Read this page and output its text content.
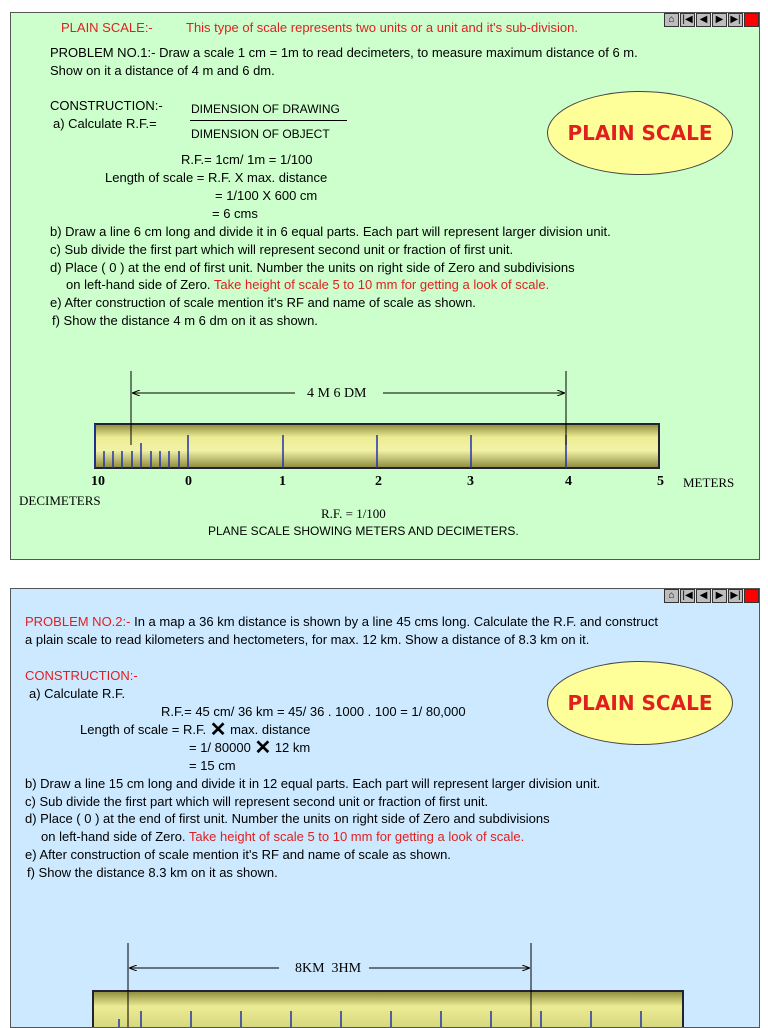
⌂ |◀ ◀ ▶ ▶|
PLAIN SCALE:-	This type of scale represents two units or a unit and it's sub-division.
PROBLEM NO.1:- Draw a scale 1 cm = 1m to read decimeters, to measure maximum distance of 6 m.
Show on it a distance of 4 m and 6 dm.
CONSTRUCTION:-
a) Calculate R.F.=
DIMENSION OF DRAWING
DIMENSION OF OBJECT	PLAIN SCALE
R.F.= 1cm/ 1m = 1/100
Length of scale = R.F. X max. distance
= 1/100 X 600 cm
= 6 cms
b) Draw a line 6 cm long and divide it in 6 equal parts. Each part will represent larger division unit.
c) Sub divide the first part which will represent second unit or fraction of first unit.
d) Place ( 0 ) at the end of first unit. Number the units on right side of Zero and subdivisions
on left-hand side of Zero. Take height of scale 5 to 10 mm for getting a look of scale.
e) After construction of scale mention it's RF and name of scale as shown.
f) Show the distance 4 m 6 dm on it as shown.
4 M 6 DM
10	0	1	2	3	4	5 METERS
DECIMETERS
R.F. = 1/100
PLANE SCALE SHOWING METERS AND DECIMETERS.
⌂ |◀ ◀ ▶ ▶|
PROBLEM NO.2:- In a map a 36 km distance is shown by a line 45 cms long. Calculate the R.F. and construct
a plain scale to read kilometers and hectometers, for max. 12 km. Show a distance of 8.3 km on it.
CONSTRUCTION:-
a) Calculate R.F.
R.F.= 45 cm/ 36 km = 45/ 36 . 1000 . 100 = 1/ 80,000
Length of scale = R.F. ✕ max. distance
= 1/ 80000 ✕ 12 km
= 15 cm
PLAIN SCALE
b) Draw a line 15 cm long and divide it in 12 equal parts. Each part will represent larger division unit.
c) Sub divide the first part which will represent second unit or fraction of first unit.
d) Place ( 0 ) at the end of first unit. Number the units on right side of Zero and subdivisions
on left-hand side of Zero. Take height of scale 5 to 10 mm for getting a look of scale.
e) After construction of scale mention it's RF and name of scale as shown.
f) Show the distance 8.3 km on it as shown.
8KM  3HM
